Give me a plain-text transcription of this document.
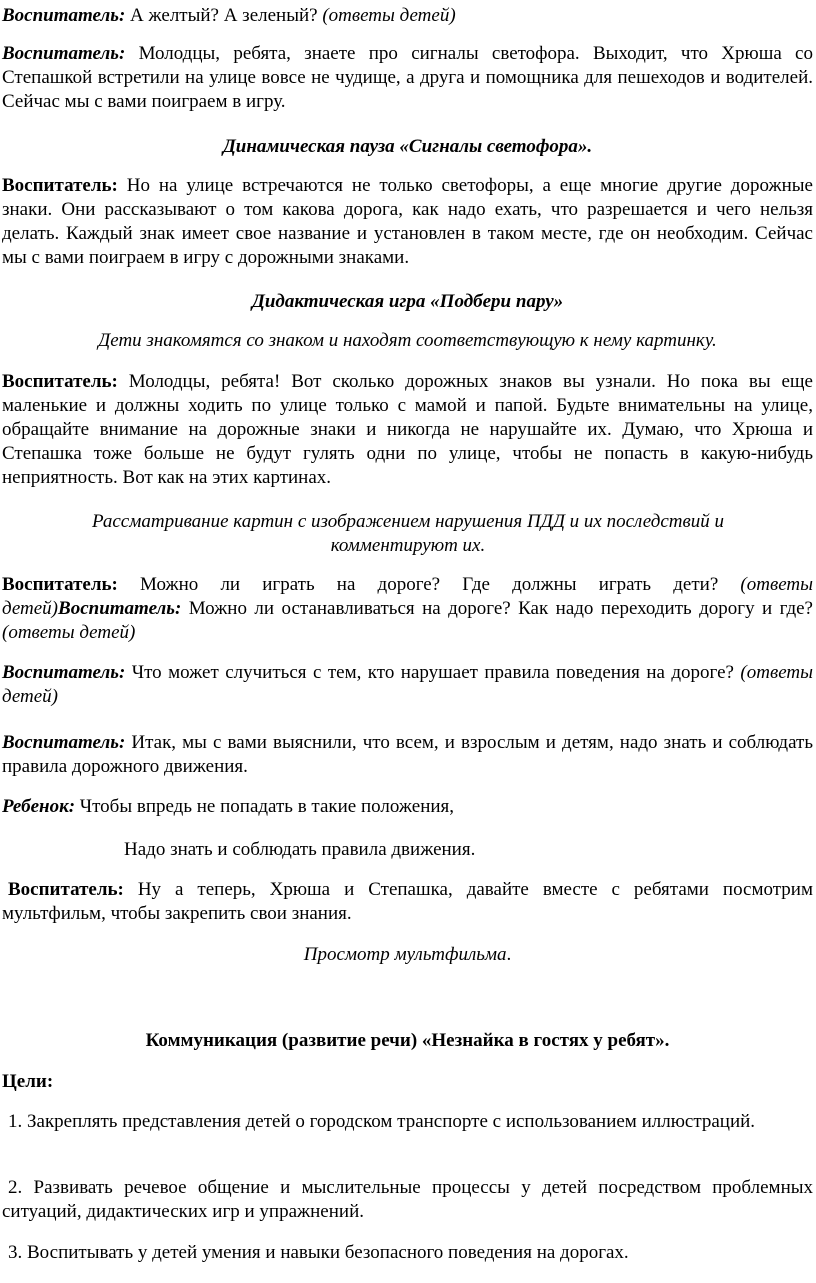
Воспитатель: А желтый? А зеленый? (ответы детей)

Воспитатель: Молодцы, ребята, знаете про сигналы светофора. Выходит, что Хрюша со Степашкой встретили на улице вовсе не чудище, а друга и помощника для пешеходов и водителей. Сейчас мы с вами поиграем в игру.

Динамическая пауза «Сигналы светофора».

Воспитатель: Но на улице встречаются не только светофоры, а еще многие другие дорожные знаки. Они рассказывают о том какова дорога, как надо ехать, что разрешается и чего нельзя делать. Каждый знак имеет свое название и установлен в таком месте, где он необходим. Сейчас мы с вами поиграем в игру с дорожными знаками.

Дидактическая игра «Подбери пару»

Дети знакомятся со знаком и находят соответствующую к нему картинку.

Воспитатель: Молодцы, ребята! Вот сколько дорожных знаков вы узнали. Но пока вы еще маленькие и должны ходить по улице только с мамой и папой. Будьте внимательны на улице, обращайте внимание на дорожные знаки и никогда не нарушайте их. Думаю, что Хрюша и Степашка тоже больше не будут гулять одни по улице, чтобы не попасть в какую-нибудь неприятность. Вот как на этих картинах.

Рассматривание картин с изображением нарушения ПДД и их последствий и комментируют их.

Воспитатель: Можно ли играть на дороге? Где должны играть дети? (ответы детей)Воспитатель: Можно ли останавливаться на дороге? Как надо переходить дорогу и где? (ответы детей)

Воспитатель: Что может случиться с тем, кто нарушает правила поведения на дороге? (ответы детей)

Воспитатель: Итак, мы с вами выяснили, что всем, и взрослым и детям, надо знать и соблюдать правила дорожного движения.

Ребенок: Чтобы впредь не попадать в такие положения,

Надо знать и соблюдать правила движения.

Воспитатель: Ну а теперь, Хрюша и Степашка, давайте вместе с ребятами посмотрим мультфильм, чтобы закрепить свои знания.

Просмотр мультфильма.

Коммуникация (развитие речи) «Незнайка в гостях у ребят».

Цели:

1. Закреплять представления детей о городском транспорте с использованием иллюстраций.

2. Развивать речевое общение и мыслительные процессы у детей посредством проблемных ситуаций, дидактических игр и упражнений.

3. Воспитывать у детей умения и навыки безопасного поведения на дорогах.
